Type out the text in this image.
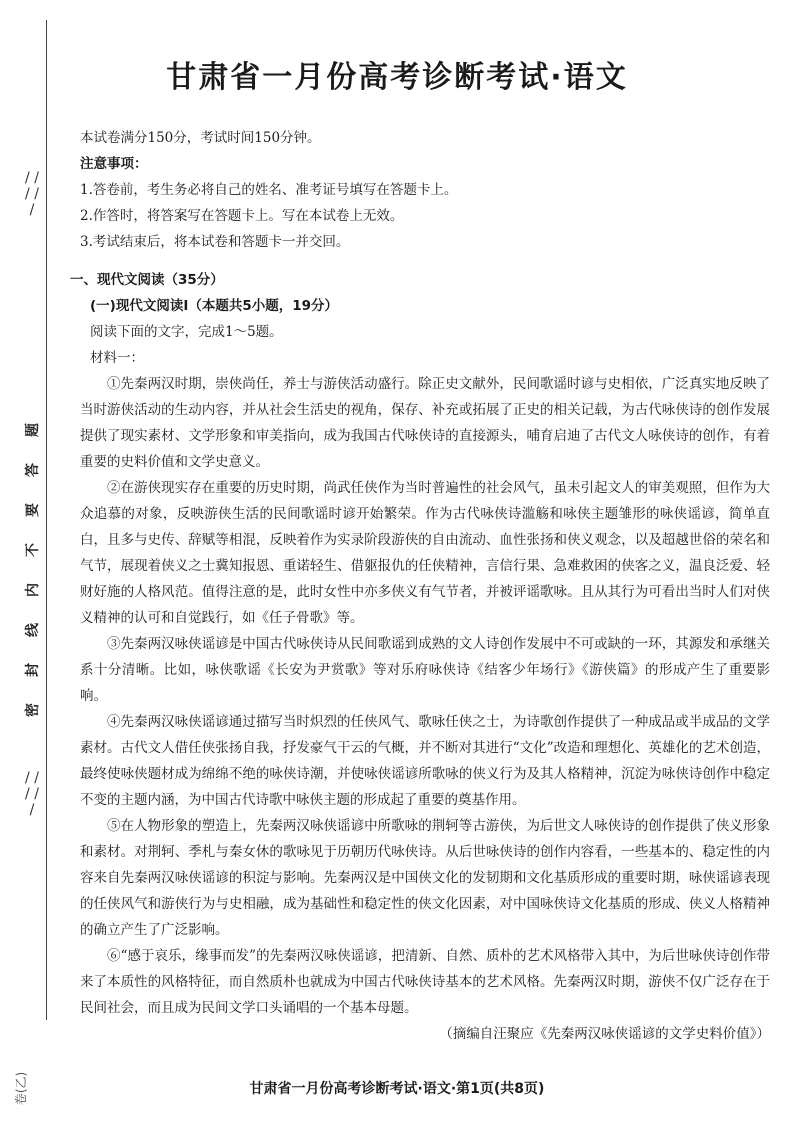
/ / / / /
题
答
要
不
内
线
封
密
/ / / / /
卷(乙)
甘肃省一月份高考诊断考试·语文

本试卷满分150分，考试时间150分钟。

注意事项：

1.答卷前，考生务必将自己的姓名、准考证号填写在答题卡上。

2.作答时，将答案写在答题卡上。写在本试卷上无效。

3.考试结束后，将本试卷和答题卡一并交回。

一、现代文阅读（35分）

(一)现代文阅读Ⅰ（本题共5小题，19分）

阅读下面的文字，完成1～5题。

材料一：

①先秦两汉时期，崇侠尚任，养士与游侠活动盛行。除正史文献外，民间歌谣时谚与史相依，广泛真实地反映了当时游侠活动的生动内容，并从社会生活史的视角，保存、补充或拓展了正史的相关记载，为古代咏侠诗的创作发展提供了现实素材、文学形象和审美指向，成为我国古代咏侠诗的直接源头，哺育启迪了古代文人咏侠诗的创作，有着重要的史料价值和文学史意义。

②在游侠现实存在重要的历史时期，尚武任侠作为当时普遍性的社会风气，虽未引起文人的审美观照，但作为大众追慕的对象，反映游侠生活的民间歌谣时谚开始繁荣。作为古代咏侠诗滥觞和咏侠主题雏形的咏侠谣谚，简单直白，且多与史传、辞赋等相混，反映着作为实录阶段游侠的自由流动、血性张扬和侠义观念，以及超越世俗的荣名和气节，展现着侠义之士冀知报恩、重诺轻生、借躯报仇的任侠精神，言信行果、急难救困的侠客之义，温良泛爱、轻财好施的人格风范。值得注意的是，此时女性中亦多侠义有气节者，并被评谣歌咏。且从其行为可看出当时人们对侠义精神的认可和自觉践行，如《任子骨歌》等。

③先秦两汉咏侠谣谚是中国古代咏侠诗从民间歌谣到成熟的文人诗创作发展中不可或缺的一环，其源发和承继关系十分清晰。比如，咏侠歌谣《长安为尹赏歌》等对乐府咏侠诗《结客少年场行》《游侠篇》的形成产生了重要影响。

④先秦两汉咏侠谣谚通过描写当时炽烈的任侠风气、歌咏任侠之士，为诗歌创作提供了一种成品或半成品的文学素材。古代文人借任侠张扬自我，抒发豪气干云的气概，并不断对其进行“文化”改造和理想化、英雄化的艺术创造，最终使咏侠题材成为绵绵不绝的咏侠诗潮，并使咏侠谣谚所歌咏的侠义行为及其人格精神，沉淀为咏侠诗创作中稳定不变的主题内涵，为中国古代诗歌中咏侠主题的形成起了重要的奠基作用。

⑤在人物形象的塑造上，先秦两汉咏侠谣谚中所歌咏的荆轲等古游侠，为后世文人咏侠诗的创作提供了侠义形象和素材。对荆轲、季札与秦女休的歌咏见于历朝历代咏侠诗。从后世咏侠诗的创作内容看，一些基本的、稳定性的内容来自先秦两汉咏侠谣谚的积淀与影响。先秦两汉是中国侠文化的发韧期和文化基质形成的重要时期，咏侠谣谚表现的任侠风气和游侠行为与史相融，成为基础性和稳定性的侠文化因素，对中国咏侠诗文化基质的形成、侠义人格精神的确立产生了广泛影响。

⑥“感于哀乐，缘事而发”的先秦两汉咏侠谣谚，把清新、自然、质朴的艺术风格带入其中，为后世咏侠诗创作带来了本质性的风格特征，而自然质朴也就成为中国古代咏侠诗基本的艺术风格。先秦两汉时期，游侠不仅广泛存在于民间社会，而且成为民间文学口头诵唱的一个基本母题。

（摘编自汪聚应《先秦两汉咏侠谣谚的文学史料价值》）

甘肃省一月份高考诊断考试·语文·第1页(共8页)
